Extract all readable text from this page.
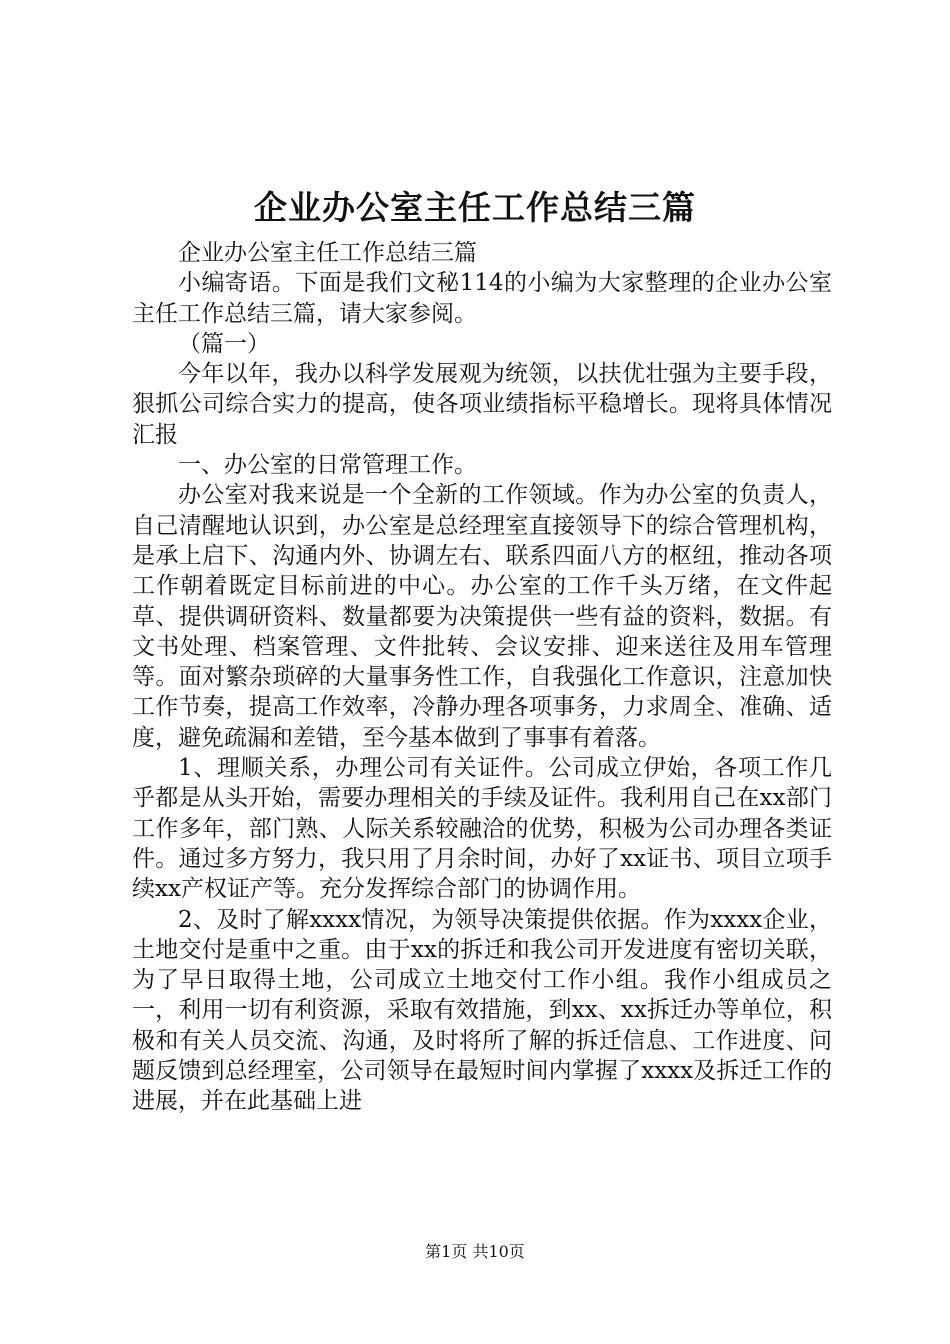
企业办公室主任工作总结三篇

企业办公室主任工作总结三篇

小编寄语。下面是我们文秘114的小编为大家整理的企业办公室主任工作总结三篇，请大家参阅。

（篇一）

今年以年，我办以科学发展观为统领，以扶优壮强为主要手段，狠抓公司综合实力的提高，使各项业绩指标平稳增长。现将具体情况汇报

一、办公室的日常管理工作。

办公室对我来说是一个全新的工作领域。作为办公室的负责人，自己清醒地认识到，办公室是总经理室直接领导下的综合管理机构，是承上启下、沟通内外、协调左右、联系四面八方的枢纽，推动各项工作朝着既定目标前进的中心。办公室的工作千头万绪，在文件起草、提供调研资料、数量都要为决策提供一些有益的资料，数据。有文书处理、档案管理、文件批转、会议安排、迎来送往及用车管理等。面对繁杂琐碎的大量事务性工作，自我强化工作意识，注意加快工作节奏，提高工作效率，冷静办理各项事务，力求周全、准确、适度，避免疏漏和差错，至今基本做到了事事有着落。

1、理顺关系，办理公司有关证件。公司成立伊始，各项工作几乎都是从头开始，需要办理相关的手续及证件。我利用自己在xx部门工作多年，部门熟、人际关系较融洽的优势，积极为公司办理各类证件。通过多方努力，我只用了月余时间，办好了xx证书、项目立项手续xx产权证产等。充分发挥综合部门的协调作用。

2、及时了解xxxx情况，为领导决策提供依据。作为xxxx企业，土地交付是重中之重。由于xx的拆迁和我公司开发进度有密切关联，为了早日取得土地，公司成立土地交付工作小组。我作小组成员之一，利用一切有利资源，采取有效措施，到xx、xx拆迁办等单位，积极和有关人员交流、沟通，及时将所了解的拆迁信息、工作进度、问题反馈到总经理室，公司领导在最短时间内掌握了xxxx及拆迁工作的进展，并在此基础上进

第1页 共10页
